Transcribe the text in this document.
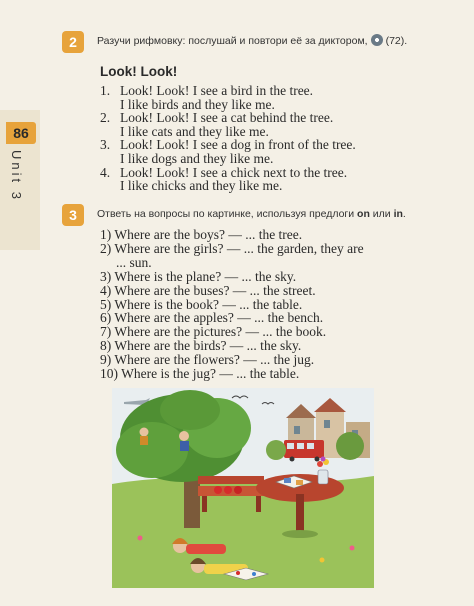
86
Unit 3
2	Разучи рифмовку: послушай и повтори её за диктором, (72).
Look! Look!
1. Look! Look! I see a bird in the tree.
I like birds and they like me.
2. Look! Look! I see a cat behind the tree.
I like cats and they like me.
3. Look! Look! I see a dog in front of the tree.
I like dogs and they like me.
4. Look! Look! I see a chick next to the tree.
I like chicks and they like me.
3	Ответь на вопросы по картинке, используя предлоги on или in.
1) Where are the boys? — ... the tree.
2) Where are the girls? — ... the garden, they are
... sun.
3) Where is the plane? — ... the sky.
4) Where are the buses? — ... the street.
5) Where is the book? — ... the table.
6) Where are the apples? — ... the bench.
7) Where are the pictures? — ... the book.
8) Where are the birds? — ... the sky.
9) Where are the flowers? — ... the jug.
10) Where is the jug? — ... the table.
